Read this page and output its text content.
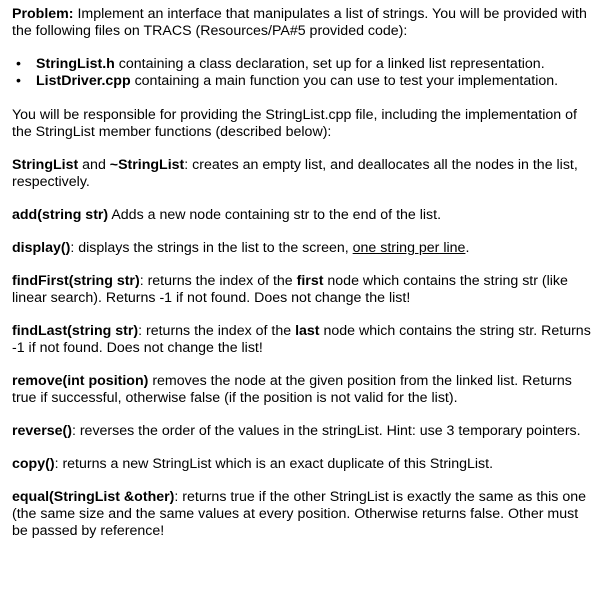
Problem: Implement an interface that manipulates a list of strings. You will be provided with the following files on TRACS (Resources/PA#5 provided code):

• StringList.h containing a class declaration, set up for a linked list representation.
• ListDriver.cpp containing a main function you can use to test your implementation.

You will be responsible for providing the StringList.cpp file, including the implementation of the StringList member functions (described below):

StringList and ~StringList: creates an empty list, and deallocates all the nodes in the list, respectively.

add(string str) Adds a new node containing str to the end of the list.

display(): displays the strings in the list to the screen, one string per line.

findFirst(string str): returns the index of the first node which contains the string str (like linear search). Returns -1 if not found. Does not change the list!

findLast(string str): returns the index of the last node which contains the string str. Returns -1 if not found. Does not change the list!

remove(int position) removes the node at the given position from the linked list. Returns true if successful, otherwise false (if the position is not valid for the list).

reverse(): reverses the order of the values in the stringList. Hint: use 3 temporary pointers.

copy(): returns a new StringList which is an exact duplicate of this StringList.

equal(StringList &other): returns true if the other StringList is exactly the same as this one (the same size and the same values at every position. Otherwise returns false. Other must be passed by reference!
